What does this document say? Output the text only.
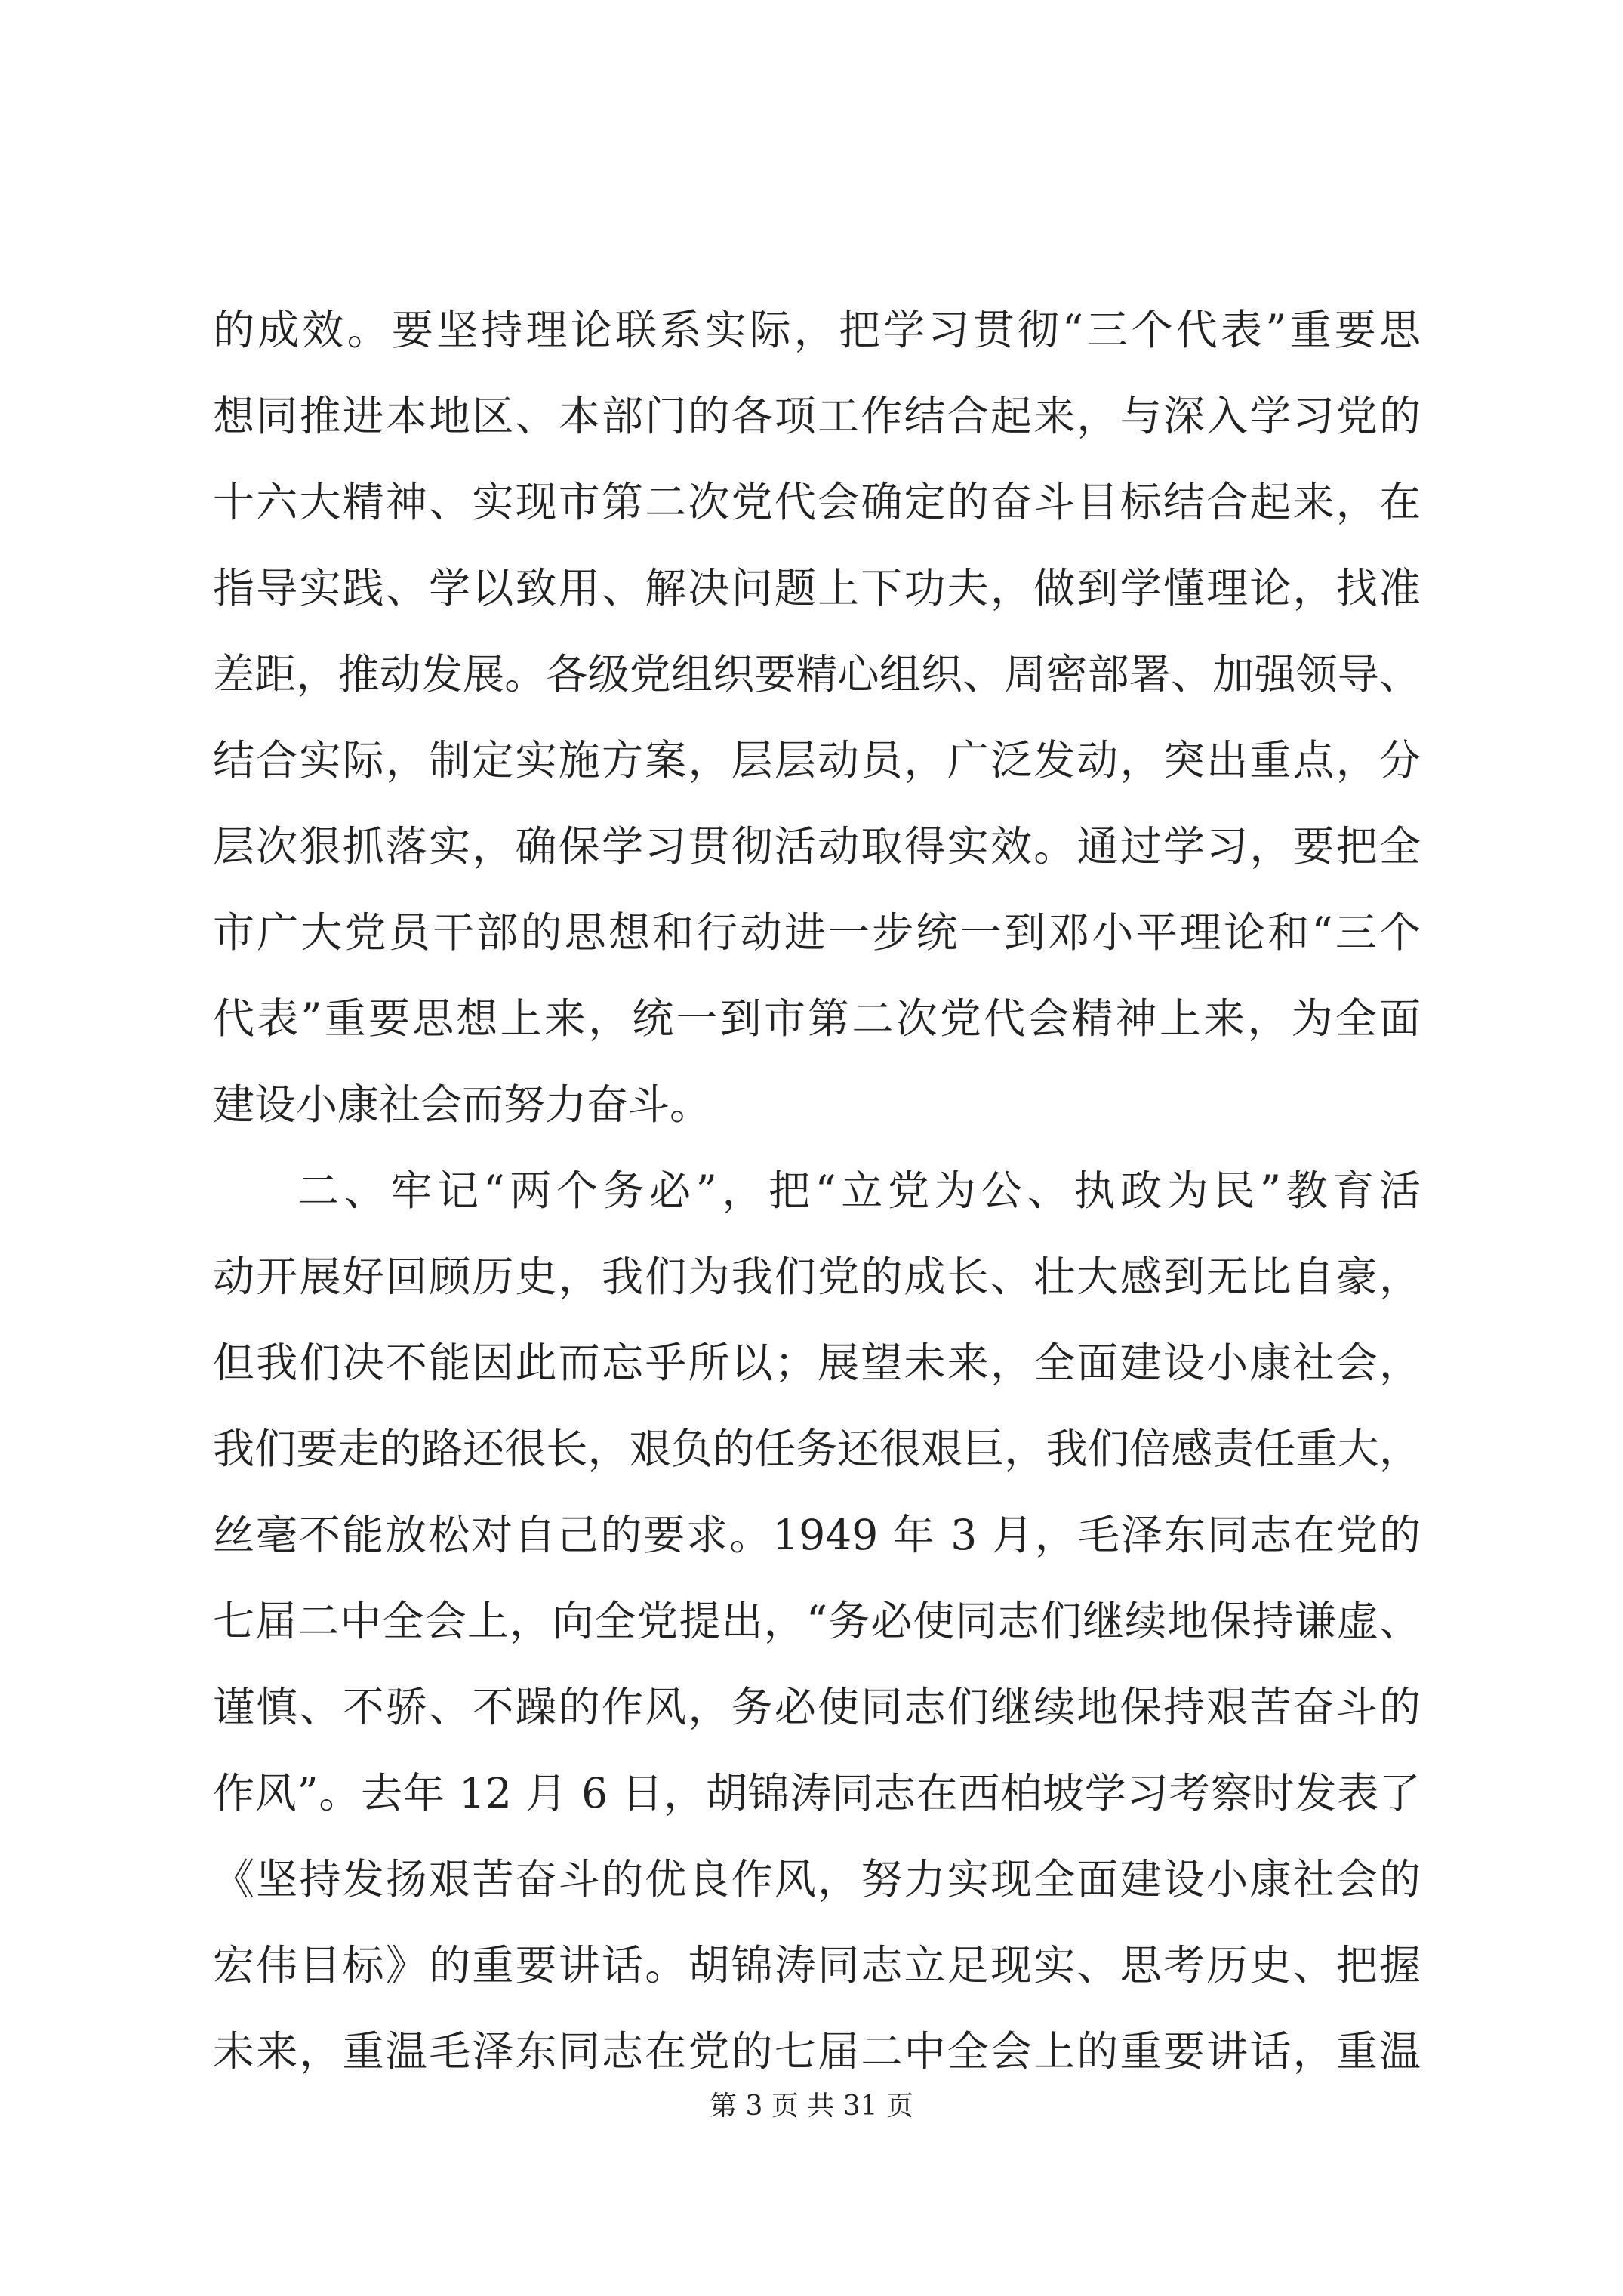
的成效。要坚持理论联系实际，把学习贯彻“三个代表”重要思
想同推进本地区、本部门的各项工作结合起来，与深入学习党的
十六大精神、实现市第二次党代会确定的奋斗目标结合起来，在
指导实践、学以致用、解决问题上下功夫，做到学懂理论，找准
差距，推动发展。各级党组织要精心组织、周密部署、加强领导、
结合实际，制定实施方案，层层动员，广泛发动，突出重点，分
层次狠抓落实，确保学习贯彻活动取得实效。通过学习，要把全
市广大党员干部的思想和行动进一步统一到邓小平理论和“三个
代表”重要思想上来，统一到市第二次党代会精神上来，为全面
建设小康社会而努力奋斗。
二、牢记“两个务必”，把“立党为公、执政为民”教育活
动开展好回顾历史，我们为我们党的成长、壮大感到无比自豪，
但我们决不能因此而忘乎所以；展望未来，全面建设小康社会，
我们要走的路还很长，艰负的任务还很艰巨，我们倍感责任重大，
丝毫不能放松对自己的要求。1949 年 3 月，毛泽东同志在党的
七届二中全会上，向全党提出，“务必使同志们继续地保持谦虚、
谨慎、不骄、不躁的作风，务必使同志们继续地保持艰苦奋斗的
作风”。去年 12 月 6 日，胡锦涛同志在西柏坡学习考察时发表了
《坚持发扬艰苦奋斗的优良作风，努力实现全面建设小康社会的
宏伟目标》的重要讲话。胡锦涛同志立足现实、思考历史、把握
未来，重温毛泽东同志在党的七届二中全会上的重要讲话，重温
第 3 页 共 31 页
